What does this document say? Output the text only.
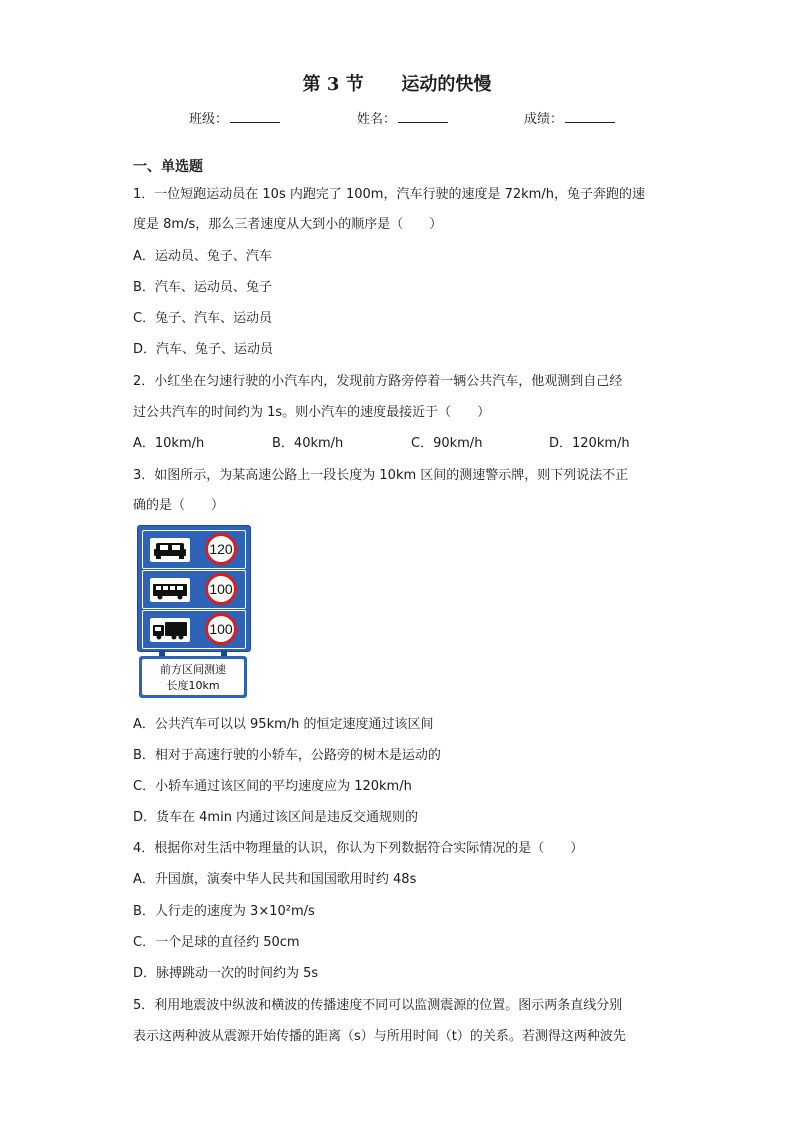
第 3 节      运动的快慢
班级：	姓名：	成绩：
一、单选题
1．一位短跑运动员在 10s 内跑完了 100m，汽车行驶的速度是 72km/h，兔子奔跑的速
度是 8m/s，那么三者速度从大到小的顺序是（　　）
A．运动员、兔子、汽车
B．汽车、运动员、兔子
C．兔子、汽车、运动员
D．汽车、兔子、运动员
2．小红坐在匀速行驶的小汽车内，发现前方路旁停着一辆公共汽车，他观测到自己经
过公共汽车的时间约为 1s。则小汽车的速度最接近于（　　）
A．10km/h	B．40km/h	C．90km/h	D．120km/h
3．如图所示，为某高速公路上一段长度为 10km 区间的测速警示牌，则下列说法不正
确的是（　　）
120
100
100
前方区间测速
长度10km
A．公共汽车可以以 95km/h 的恒定速度通过该区间
B．相对于高速行驶的小轿车，公路旁的树木是运动的
C．小轿车通过该区间的平均速度应为 120km/h
D．货车在 4min 内通过该区间是违反交通规则的
4．根据你对生活中物理量的认识，你认为下列数据符合实际情况的是（　　）
A．升国旗，演奏中华人民共和国国歌用时约 48s
B．人行走的速度为 3×10²m/s
C．一个足球的直径约 50cm
D．脉搏跳动一次的时间约为 5s
5．利用地震波中纵波和横波的传播速度不同可以监测震源的位置。图示两条直线分别
表示这两种波从震源开始传播的距离（s）与所用时间（t）的关系。若测得这两种波先
